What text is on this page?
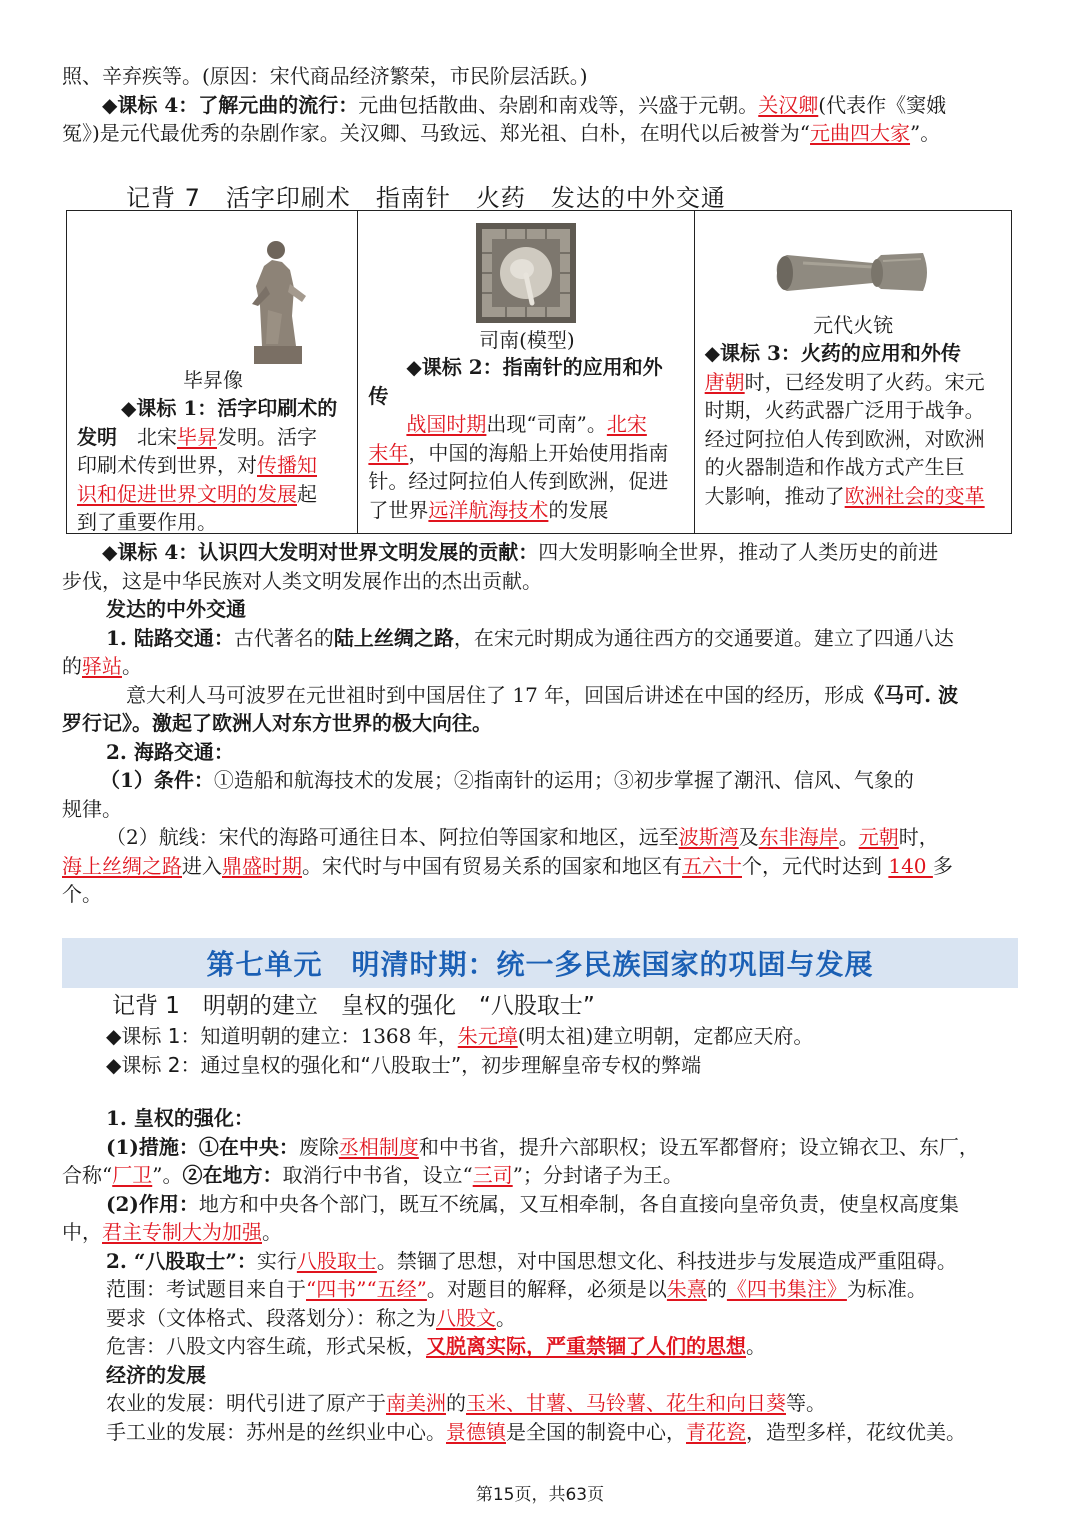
照、辛弃疾等。(原因：宋代商品经济繁荣，市民阶层活跃。)

◆课标 4：了解元曲的流行：元曲包括散曲、杂剧和南戏等，兴盛于元朝。关汉卿(代表作《窦娥

冤》)是元代最优秀的杂剧作家。关汉卿、马致远、郑光祖、白朴，在明代以后被誉为“元曲四大家”。

记背 7　活字印刷术　指南针　火药　发达的中外交通
毕昇像
◆课标 1：活字印刷术的
发明　北宋毕昇发明。活字
印刷术传到世界，对传播知
识和促进世界文明的发展起
到了重要作用。
司南(模型)
◆课标 2：指南针的应用和外
传
战国时期出现“司南”。北宋
末年，中国的海船上开始使用指南
针。经过阿拉伯人传到欧洲，促进
了世界远洋航海技术的发展
元代火铳
◆课标 3：火药的应用和外传
唐朝时，已经发明了火药。宋元
时期，火药武器广泛用于战争。
经过阿拉伯人传到欧洲，对欧洲
的火器制造和作战方式产生巨
大影响，推动了欧洲社会的变革

◆课标 4：认识四大发明对世界文明发展的贡献：四大发明影响全世界，推动了人类历史的前进

步伐，这是中华民族对人类文明发展作出的杰出贡献。

发达的中外交通

1. 陆路交通：古代著名的陆上丝绸之路，在宋元时期成为通往西方的交通要道。建立了四通八达

的驿站。

意大利人马可波罗在元世祖时到中国居住了 17 年，回国后讲述在中国的经历，形成《马可. 波

罗行记》。激起了欧洲人对东方世界的极大向往。

2. 海路交通：

（1）条件：①造船和航海技术的发展；②指南针的运用；③初步掌握了潮汛、信风、气象的

规律。

（2）航线：宋代的海路可通往日本、阿拉伯等国家和地区，远至波斯湾及东非海岸。元朝时，

海上丝绸之路进入鼎盛时期。宋代时与中国有贸易关系的国家和地区有五六十个，元代时达到 140 多

个。

第七单元　明清时期：统一多民族国家的巩固与发展

记背 1　明朝的建立　皇权的强化　“八股取士”

◆课标 1：知道明朝的建立：1368 年，朱元璋(明太祖)建立明朝，定都应天府。

◆课标 2：通过皇权的强化和“八股取士”，初步理解皇帝专权的弊端

1. 皇权的强化：

(1)措施：①在中央：废除丞相制度和中书省，提升六部职权；设五军都督府；设立锦衣卫、东厂，

合称“厂卫”。②在地方：取消行中书省，设立“三司”；分封诸子为王。

(2)作用：地方和中央各个部门，既互不统属，又互相牵制，各自直接向皇帝负责，使皇权高度集

中，君主专制大为加强。

2. “八股取士”：实行八股取士。禁锢了思想，对中国思想文化、科技进步与发展造成严重阻碍。

范围：考试题目来自于“四书”“五经”。对题目的解释，必须是以朱熹的《四书集注》为标准。

要求（文体格式、段落划分）：称之为八股文。

危害：八股文内容生疏，形式呆板，又脱离实际，严重禁锢了人们的思想。

经济的发展

农业的发展：明代引进了原产于南美洲的玉米、甘薯、马铃薯、花生和向日葵等。

手工业的发展：苏州是的丝织业中心。景德镇是全国的制瓷中心，青花瓷，造型多样，花纹优美。

第15页，共63页
